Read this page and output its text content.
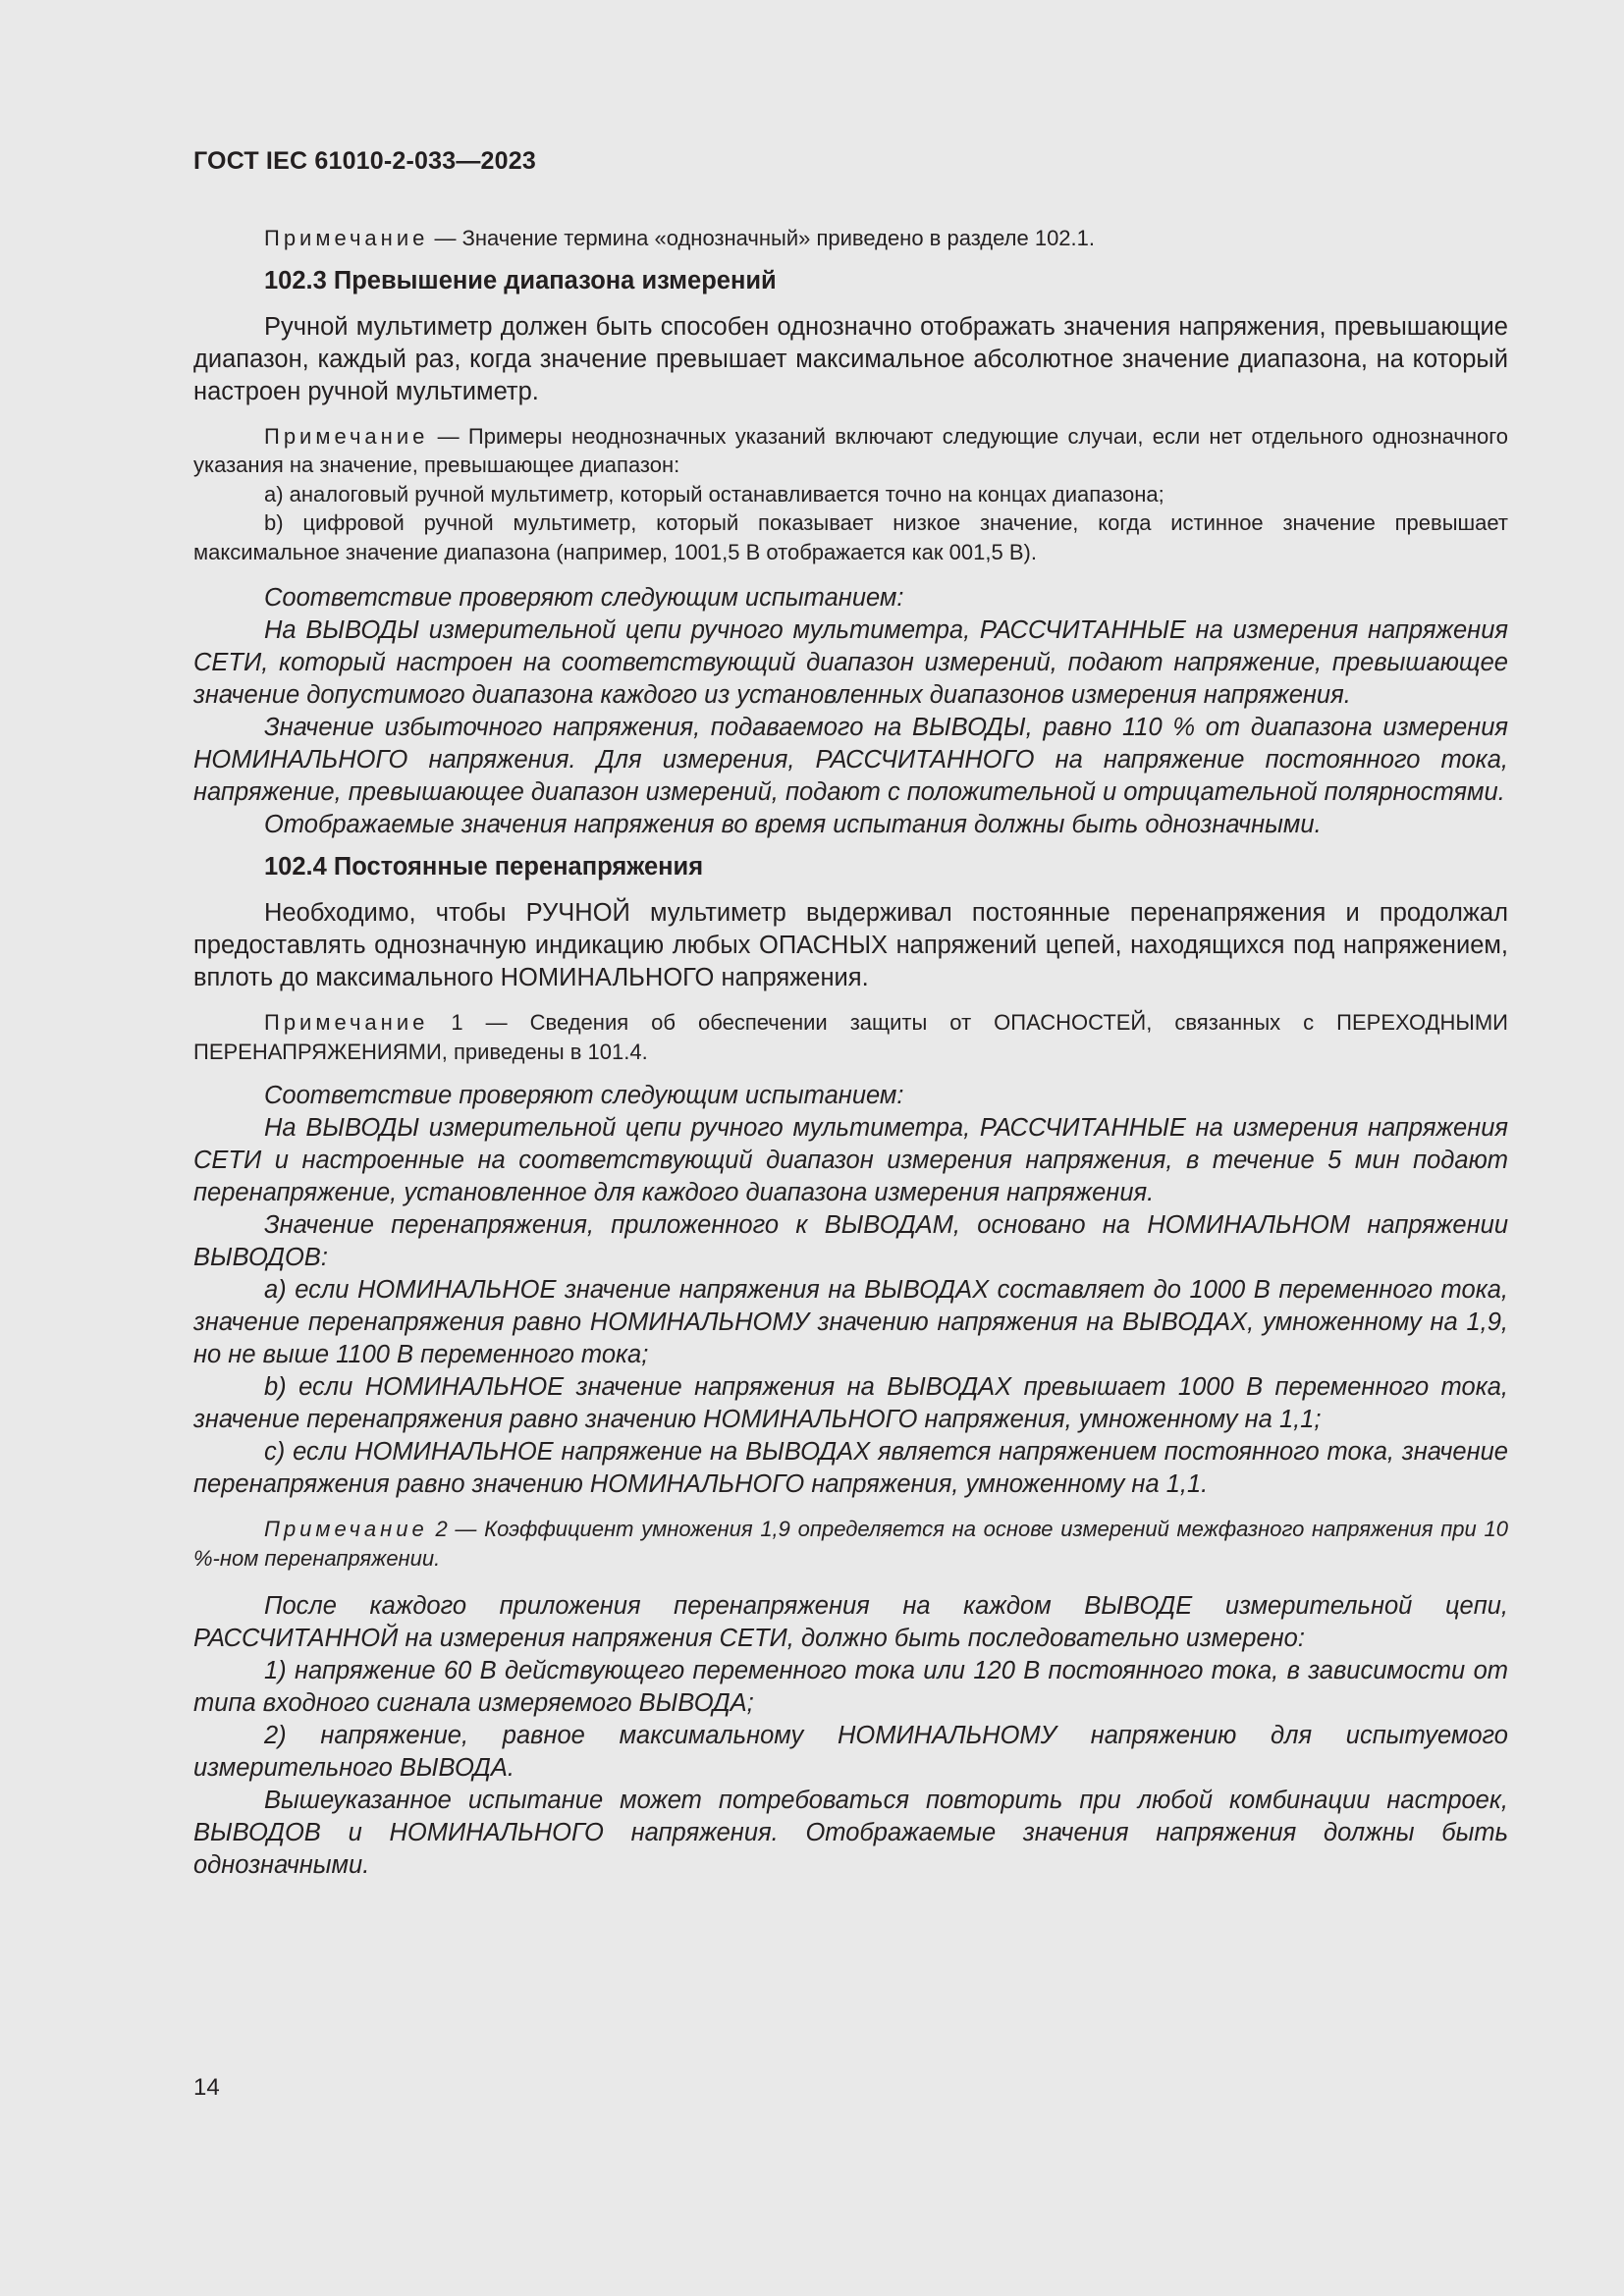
ГОСТ IEC 61010-2-033—2023

Примечание — Значение термина «однозначный» приведено в разделе 102.1.

102.3 Превышение диапазона измерений

Ручной мультиметр должен быть способен однозначно отображать значения напряжения, превышающие диапазон, каждый раз, когда значение превышает максимальное абсолютное значение диапазона, на который настроен ручной мультиметр.

Примечание — Примеры неоднозначных указаний включают следующие случаи, если нет отдельного однозначного указания на значение, превышающее диапазон:

a) аналоговый ручной мультиметр, который останавливается точно на концах диапазона;

b) цифровой ручной мультиметр, который показывает низкое значение, когда истинное значение превышает максимальное значение диапазона (например, 1001,5 В отображается как 001,5 В).

Соответствие проверяют следующим испытанием:

На ВЫВОДЫ измерительной цепи ручного мультиметра, РАССЧИТАННЫЕ на измерения напряжения СЕТИ, который настроен на соответствующий диапазон измерений, подают напряжение, превышающее значение допустимого диапазона каждого из установленных диапазонов измерения напряжения.

Значение избыточного напряжения, подаваемого на ВЫВОДЫ, равно 110 % от диапазона измерения НОМИНАЛЬНОГО напряжения. Для измерения, РАССЧИТАННОГО на напряжение постоянного тока, напряжение, превышающее диапазон измерений, подают с положительной и отрицательной полярностями.

Отображаемые значения напряжения во время испытания должны быть однозначными.

102.4 Постоянные перенапряжения

Необходимо, чтобы РУЧНОЙ мультиметр выдерживал постоянные перенапряжения и продолжал предоставлять однозначную индикацию любых ОПАСНЫХ напряжений цепей, находящихся под напряжением, вплоть до максимального НОМИНАЛЬНОГО напряжения.

Примечание 1 — Сведения об обеспечении защиты от ОПАСНОСТЕЙ, связанных с ПЕРЕХОДНЫМИ ПЕРЕНАПРЯЖЕНИЯМИ, приведены в 101.4.

Соответствие проверяют следующим испытанием:

На ВЫВОДЫ измерительной цепи ручного мультиметра, РАССЧИТАННЫЕ на измерения напряжения СЕТИ и настроенные на соответствующий диапазон измерения напряжения, в течение 5 мин подают перенапряжение, установленное для каждого диапазона измерения напряжения.

Значение перенапряжения, приложенного к ВЫВОДАМ, основано на НОМИНАЛЬНОМ напряжении ВЫВОДОВ:

a) если НОМИНАЛЬНОЕ значение напряжения на ВЫВОДАХ составляет до 1000 В переменного тока, значение перенапряжения равно НОМИНАЛЬНОМУ значению напряжения на ВЫВОДАХ, умноженному на 1,9, но не выше 1100 В переменного тока;

b) если НОМИНАЛЬНОЕ значение напряжения на ВЫВОДАХ превышает 1000 В переменного тока, значение перенапряжения равно значению НОМИНАЛЬНОГО напряжения, умноженному на 1,1;

c) если НОМИНАЛЬНОЕ напряжение на ВЫВОДАХ является напряжением постоянного тока, значение перенапряжения равно значению НОМИНАЛЬНОГО напряжения, умноженному на 1,1.

Примечание 2 — Коэффициент умножения 1,9 определяется на основе измерений межфазного напряжения при 10 %-ном перенапряжении.

После каждого приложения перенапряжения на каждом ВЫВОДЕ измерительной цепи, РАССЧИТАННОЙ на измерения напряжения СЕТИ, должно быть последовательно измерено:

1) напряжение 60 В действующего переменного тока или 120 В постоянного тока, в зависимости от типа входного сигнала измеряемого ВЫВОДА;

2) напряжение, равное максимальному НОМИНАЛЬНОМУ напряжению для испытуемого измерительного ВЫВОДА.

Вышеуказанное испытание может потребоваться повторить при любой комбинации настроек, ВЫВОДОВ и НОМИНАЛЬНОГО напряжения. Отображаемые значения напряжения должны быть однозначными.

14
